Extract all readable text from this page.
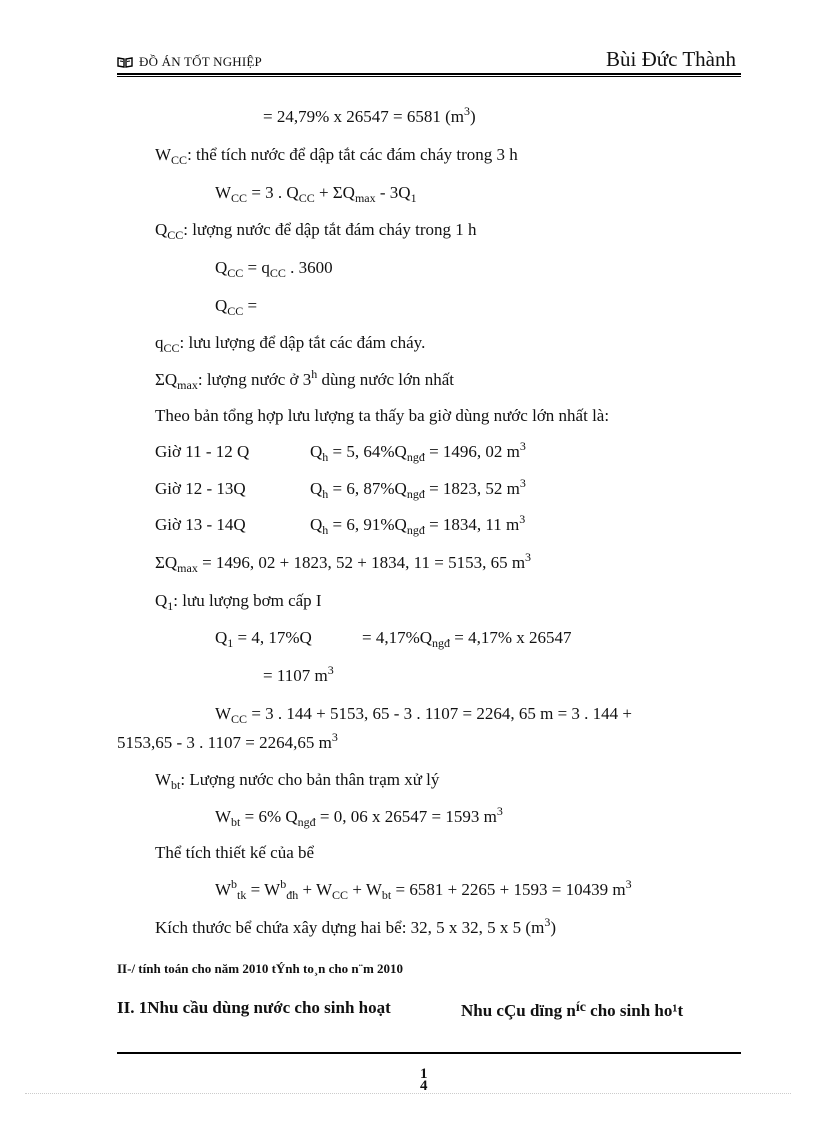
ĐỒ ÁN TỐT NGHIỆP	Bùi Đức Thành
= 24,79% x 26547 = 6581 $(m^3)$
$W_{CC}$: thể tích nước để dập tắt các đám cháy trong 3 h
$W_{CC} = 3$ . $Q_{CC} + \Sigma Q_{max} - 3Q_1$
$Q_{CC}$: lượng nước để dập tắt đám cháy trong 1 h
$Q_{CC} = q_{CC}$ . 3600
$Q_{CC}$ =
$q_{CC}$: lưu lượng để dập tắt các đám cháy.
$\Sigma Q_{max}$: lượng nước ở 3$^h$ dùng nước lớn nhất
Theo bản tổng hợp lưu lượng ta thấy ba giờ dùng nước lớn nhất là:
Giờ 11 - 12 Q	$Q_h = 5$, $64\%Q_{ngđ} = 1496$, 02 $m^3$
Giờ 12 - 13Q	$Q_h = 6$, $87\%Q_{ngđ} = 1823$, 52 $m^3$
Giờ 13 - 14Q	$Q_h = 6$, $91\%Q_{ngđ} = 1834$, 11 $m^3$
$\Sigma Q_{max} = 1496$, 02 + 1823, 52 + 1834, 11 = 5153, 65 $m^3$
$Q_1$: lưu lượng bơm cấp I
$Q_1 = 4$, 17%Q	= $4,17\%Q_{ngđ} = 4,17\%$ x 26547
= 1107 $m^3$
$W_{CC} = 3$ . 144 + 5153, 65 - 3 . 1107 = 2264, 65 m = 3 . 144 +
5153,65 - 3 . 1107 = 2264,65 $m^3$
$W_{bt}$: Lượng nước cho bản thân trạm xử lý
$W_{bt} = 6\%$ $Q_{ngđ} = 0$, 06 x 26547 = 1593 $m^3$
Thể tích thiết kế của bể
$W^b_{tk} = W^b_{đh} + W_{CC} + W_{bt} = 6581 + 2265 + 1593 = 10439$ $m^3$
Kích thước bể chứa xây dựng hai bể: 32, 5 x 32, 5 x 5 $(m^3)$
II-/ tính toán cho năm 2010 tÝnh to¸n cho n¨m 2010
II. 1Nhu cầu dùng nước cho sinh hoạt	Nhu cÇu dïng $n^{íc}$ cho sinh ho¹t
1
4
